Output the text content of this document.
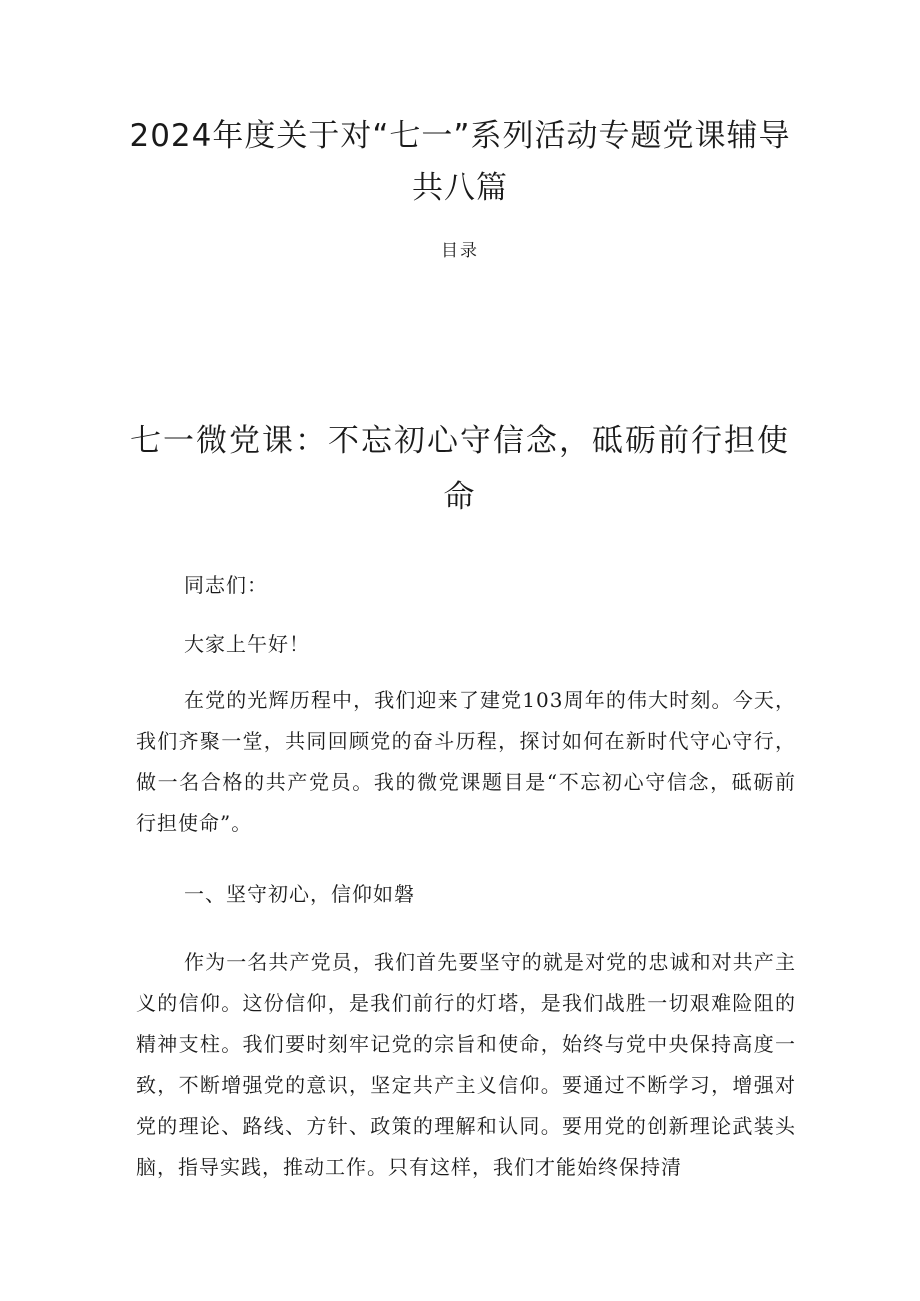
2024年度关于对“七一”系列活动专题党课辅导共八篇
目录
七一微党课：不忘初心守信念，砥砺前行担使命

同志们：

大家上午好！

在党的光辉历程中，我们迎来了建党103周年的伟大时刻。今天，我们齐聚一堂，共同回顾党的奋斗历程，探讨如何在新时代守心守行，做一名合格的共产党员。我的微党课题目是“不忘初心守信念，砥砺前行担使命”。

一、坚守初心，信仰如磐

作为一名共产党员，我们首先要坚守的就是对党的忠诚和对共产主义的信仰。这份信仰，是我们前行的灯塔，是我们战胜一切艰难险阻的精神支柱。我们要时刻牢记党的宗旨和使命，始终与党中央保持高度一致，不断增强党的意识，坚定共产主义信仰。要通过不断学习，增强对党的理论、路线、方针、政策的理解和认同。要用党的创新理论武装头脑，指导实践，推动工作。只有这样，我们才能始终保持清
